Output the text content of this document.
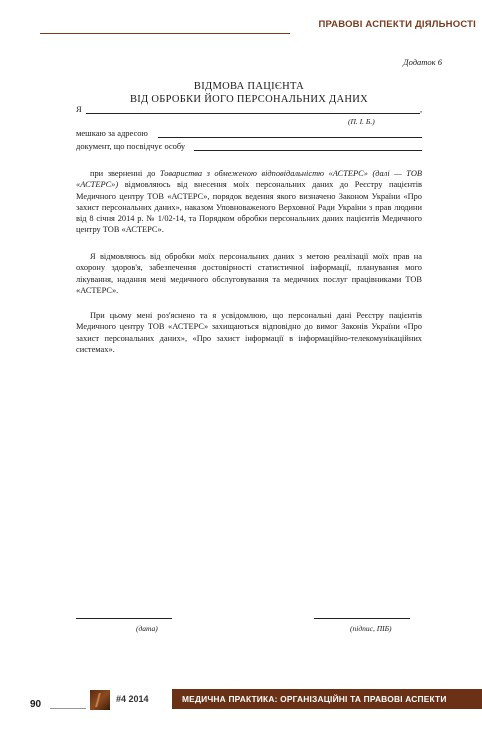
ПРАВОВІ АСПЕКТИ ДІЯЛЬНОСТІ
Додаток 6
ВІДМОВА ПАЦІЄНТА
ВІД ОБРОБКИ ЙОГО ПЕРСОНАЛЬНИХ ДАНИХ
Я	,
(П. І. Б.)
мешкаю за адресою
документ, що посвідчує особу

при зверненні до Товариства з обмеженою відповідальністю «АСТЕРС» (далі — ТОВ «АСТЕРС») відмовляюсь від внесення моїх персональних даних до Реєстру пацієнтів Медичного центру ТОВ «АСТЕРС», порядок ведення якого визначено Законом України «Про захист персональних даних», наказом Уповноваженого Верховної Ради України з прав людини від 8 січня 2014 р. № 1/02-14, та Порядком обробки персональних даних пацієнтів Медичного центру ТОВ «АСТЕРС».

Я відмовляюсь від обробки моїх персональних даних з метою реалізації моїх прав на охорону здоров'я, забезпечення достовірності статистичної інформації, планування мого лікування, надання мені медичного обслуговування та медичних послуг працівниками ТОВ «АСТЕРС».

При цьому мені роз'яснено та я усвідомлюю, що персональні дані Реєстру пацієнтів Медичного центру ТОВ «АСТЕРС» захищаються відповідно до вимог Законів України «Про захист персональних даних», «Про захист інформації в інформаційно-телекомунікаційних системах».

(дата)	(підпис, ПІБ)
90	#4 2014	МЕДИЧНА ПРАКТИКА: ОРГАНІЗАЦІЙНІ ТА ПРАВОВІ АСПЕКТИ
